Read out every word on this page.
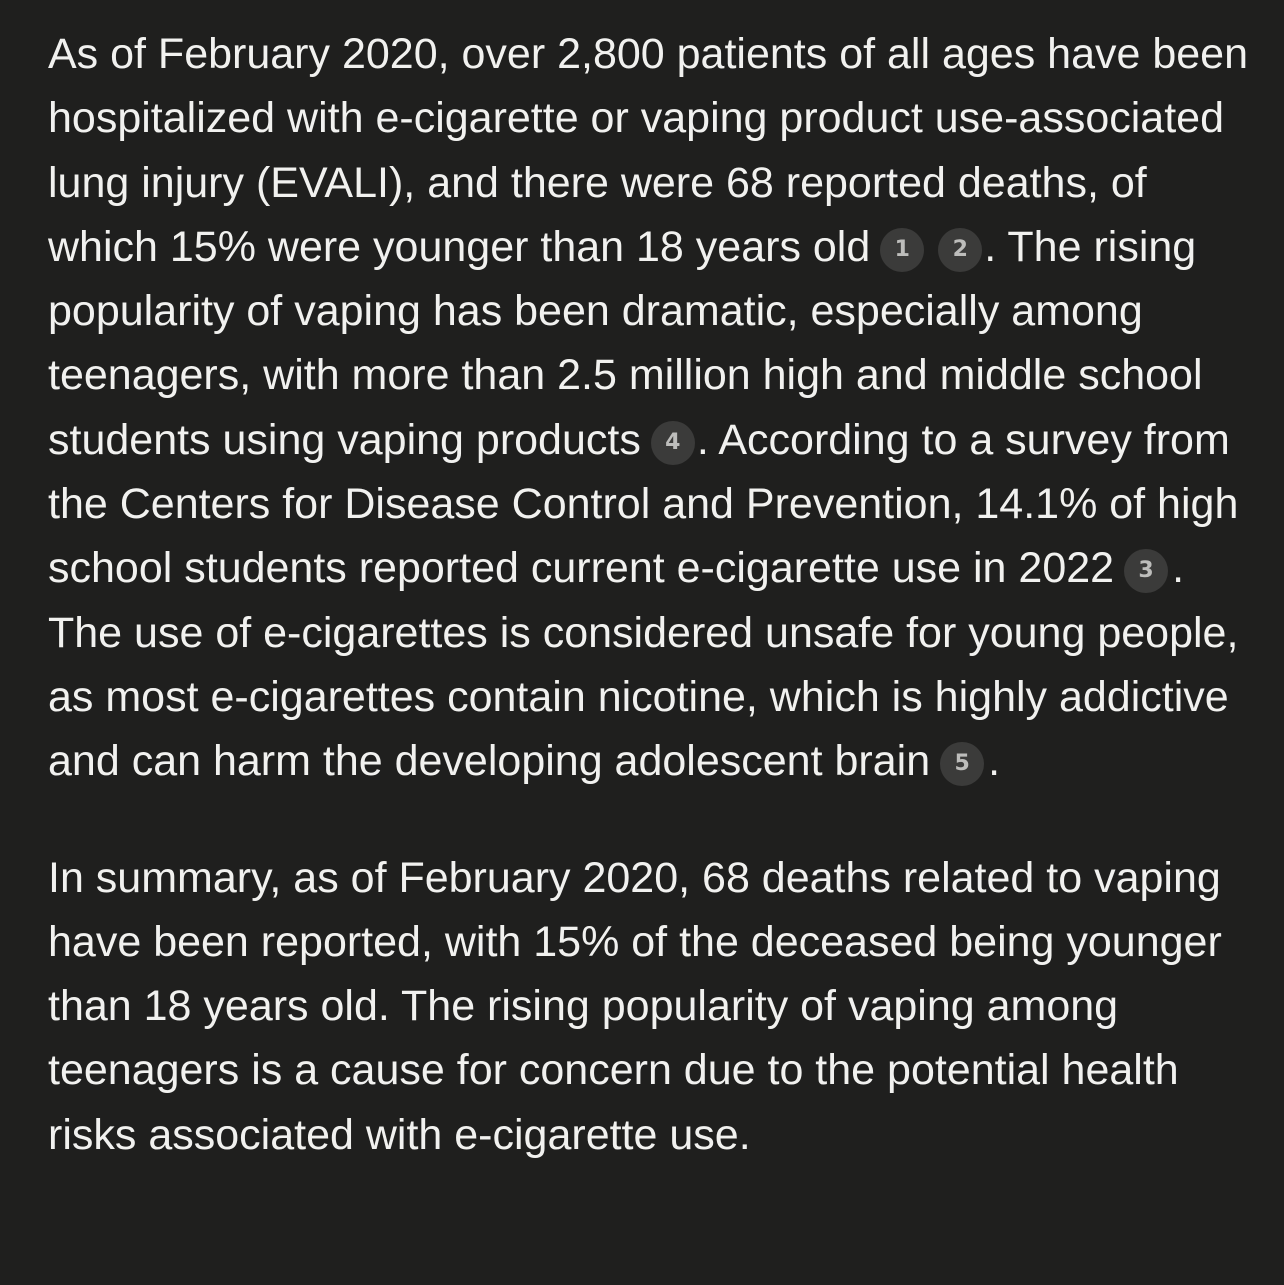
As of February 2020, over 2,800 patients of all ages have been hospitalized with e-cigarette or vaping product use-associated lung injury (EVALI), and there were 68 reported deaths, of which 15% were younger than 18 years old 1 2 . The rising popularity of vaping has been dramatic, especially among teenagers, with more than 2.5 million high and middle school students using vaping products 4 . According to a survey from the Centers for Disease Control and Prevention, 14.1% of high school students reported current e-cigarette use in 2022 3 . The use of e-cigarettes is considered unsafe for young people, as most e-cigarettes contain nicotine, which is highly addictive and can harm the developing adolescent brain 5 .

In summary, as of February 2020, 68 deaths related to vaping have been reported, with 15% of the deceased being younger than 18 years old. The rising popularity of vaping among teenagers is a cause for concern due to the potential health risks associated with e-cigarette use.
